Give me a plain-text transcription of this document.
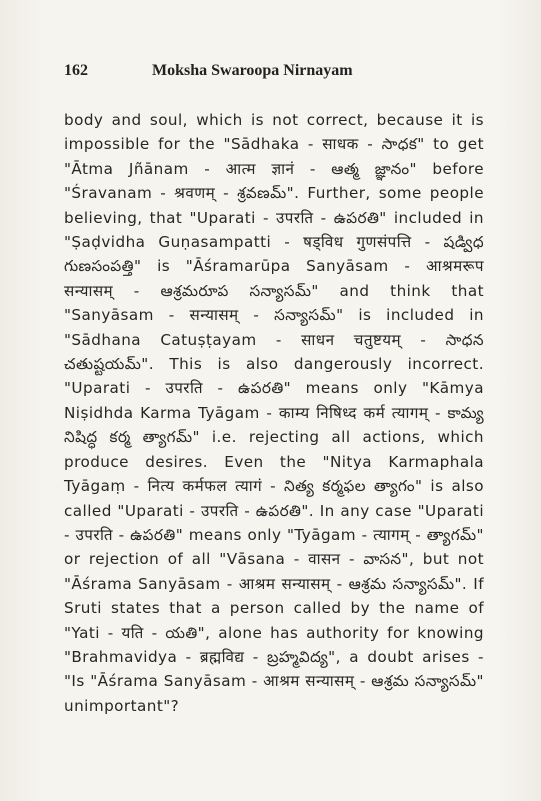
162	Moksha Swaroopa Nirnayam

body and soul, which is not correct, because it is impossible for the "Sādhaka - साधक - సాధక" to get "Ātma Jñānam - आत्म ज्ञानं - ఆత్మ జ్ఞానం" before "Śravanam - श्रवणम् - శ్రవణమ్". Further, some people believing, that "Uparati - उपरति - ఉపరతి" included in "Ṣaḍvidha Guṇasampatti - षड्विध गुणसंपत्ति - షడ్విధ గుణసంపత్తి" is "Āśramarūpa Sanyāsam - आश्रमरूप सन्यासम् - ఆశ్రమరూప సన్యాసమ్" and think that "Sanyāsam - सन्यासम् - సన్యాసమ్" is included in "Sādhana Catuṣṭayam - साधन चतुष्टयम् - సాధన చతుష్టయమ్". This is also dangerously incorrect. "Uparati - उपरति - ఉపరతి" means only "Kāmya Niṣidhda Karma Tyāgam - काम्य निषिध्द कर्म त्यागम् - కామ్య నిషిద్ధ కర్మ త్యాగమ్" i.e. rejecting all actions, which produce desires. Even the "Nitya Karmaphala Tyāgaṃ - नित्य कर्मफल त्यागं - నిత్య కర్మఫల త్యాగం" is also called "Uparati - उपरति - ఉపరతి". In any case "Uparati - उपरति - ఉపరతి" means only "Tyāgam - त्यागम् - త్యాగమ్" or rejection of all "Vāsana - वासन - వాసన", but not "Āśrama Sanyāsam - आश्रम सन्यासम् - ఆశ్రమ సన్యాసమ్". If Sruti states that a person called by the name of "Yati - यति - యతి", alone has authority for knowing "Brahmavidya - ब्रह्मविद्य - బ్రహ్మవిద్య", a doubt arises - "Is "Āśrama Sanyāsam - आश्रम सन्यासम् - ఆశ్రమ సన్యాసమ్" unimportant"?
